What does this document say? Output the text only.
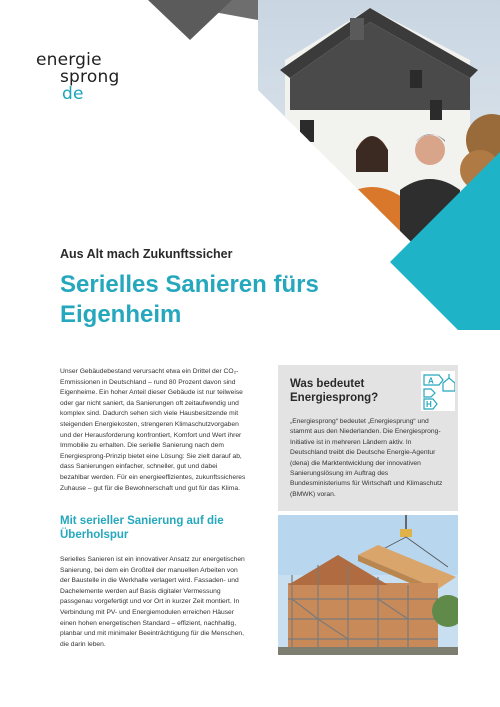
energie
sprong
de
Aus Alt mach Zukunftssicher
Serielles Sanieren fürs Eigenheim

Unser Gebäudebestand verursacht etwa ein Drittel der CO₂-Emmissionen in Deutschland – rund 80 Prozent davon sind Eigenheime. Ein hoher Anteil dieser Gebäude ist nur teilweise oder gar nicht saniert, da Sanierungen oft zeitaufwendig und komplex sind. Dadurch sehen sich viele Hausbesitzende mit steigenden Energiekosten, strengeren Klimaschutzvorgaben und der Herausforderung konfrontiert, Komfort und Wert ihrer Immobilie zu erhalten. Die serielle Sanierung nach dem Energiesprong-Prinzip bietet eine Lösung: Sie zielt darauf ab, dass Sanierungen einfacher, schneller, gut und dabei bezahlbar werden. Für ein energieeffizientes, zukunftssicheres Zuhause – gut für die Bewohnerschaft und gut für das Klima.

Mit serieller Sanierung auf die Überholspur

Serielles Sanieren ist ein innovativer Ansatz zur energetischen Sanierung, bei dem ein Großteil der manuellen Arbeiten von der Baustelle in die Werkhalle verlagert wird. Fassaden- und Dachelemente werden auf Basis digitaler Vermessung passgenau vorgefertigt und vor Ort in kurzer Zeit montiert. In Verbindung mit PV- und Energiemodulen erreichen Häuser einen hohen energetischen Standard – effizient, nachhaltig, planbar und mit minimaler Beeinträchtigung für die Menschen, die darin leben.

Was bedeutet Energiesprong?
A
H

„Energiesprong“ bedeutet „Energiesprung“ und stammt aus den Niederlanden. Die Energiesprong-Initiative ist in mehreren Ländern aktiv. In Deutschland treibt die Deutsche Energie-Agentur (dena) die Marktentwicklung der innovativen Sanierungslösung im Auftrag des Bundesministeriums für Wirtschaft und Klimaschutz (BMWK) voran.
